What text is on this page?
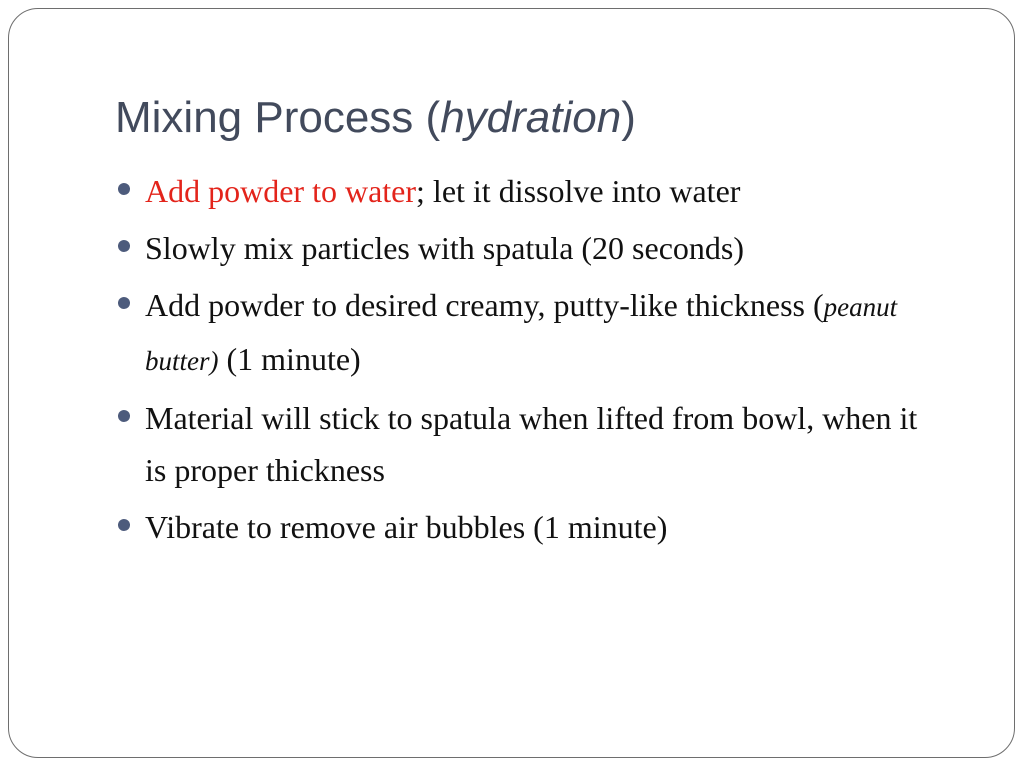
Mixing Process (hydration)
Add powder to water; let it dissolve into water
Slowly mix particles with spatula (20 seconds)
Add powder to desired creamy, putty-like thickness (peanut butter) (1 minute)
Material will stick to spatula when lifted from bowl, when it is proper thickness
Vibrate to remove air bubbles (1 minute)
